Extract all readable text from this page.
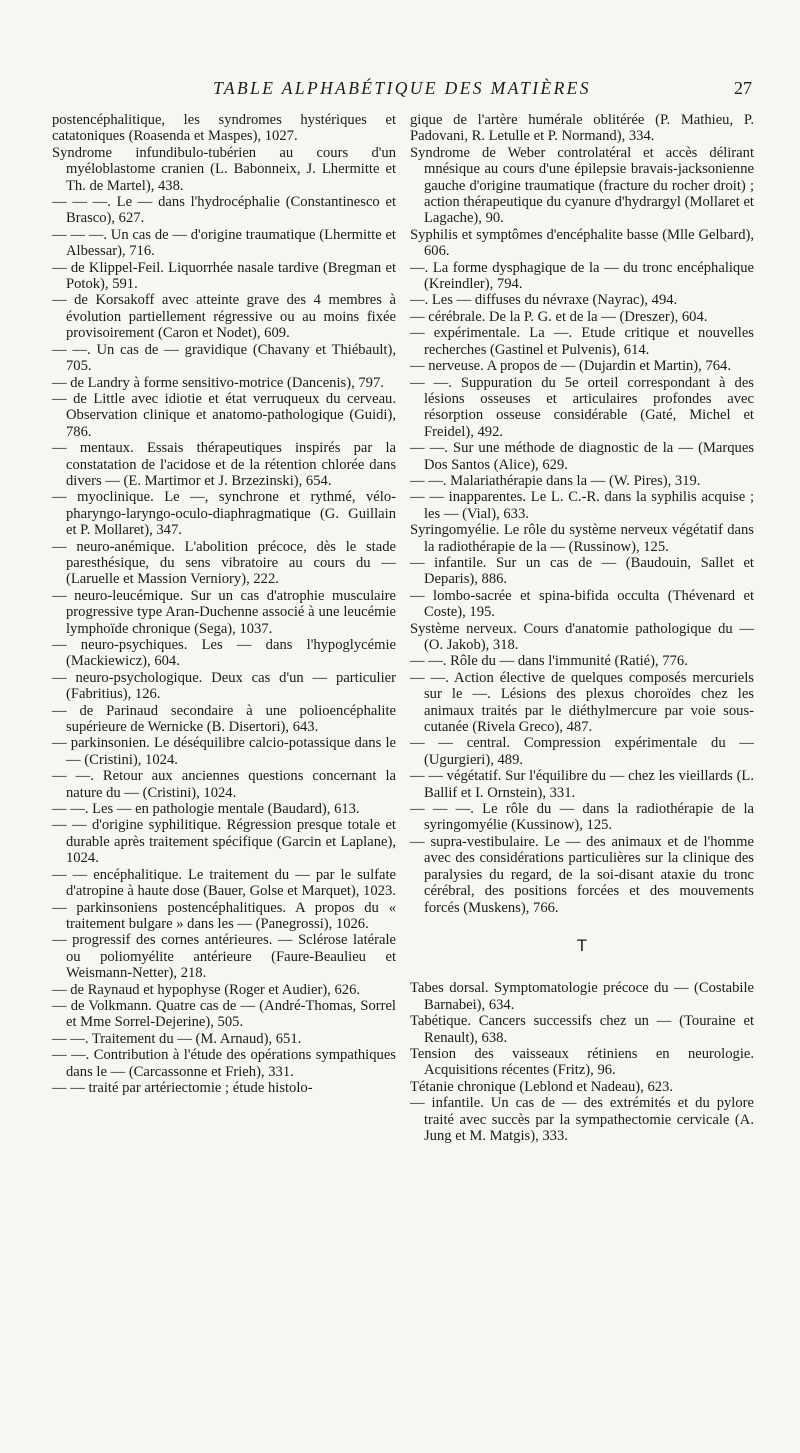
TABLE ALPHABÉTIQUE DES MATIÈRES	27

postencéphalitique, les syndromes hystériques et catatoniques (Roasenda et Maspes), 1027.

Syndrome infundibulo-tubérien au cours d'un myéloblastome cranien (L. Babonneix, J. Lhermitte et Th. de Martel), 438.

— — —. Le — dans l'hydrocéphalie (Constantinesco et Brasco), 627.

— — —. Un cas de — d'origine traumatique (Lhermitte et Albessar), 716.

— de Klippel-Feil. Liquorrhée nasale tardive (Bregman et Potok), 591.

— de Korsakoff avec atteinte grave des 4 membres à évolution partiellement régressive ou au moins fixée provisoirement (Caron et Nodet), 609.

— —. Un cas de — gravidique (Chavany et Thiébault), 705.

— de Landry à forme sensitivo-motrice (Dancenis), 797.

— de Little avec idiotie et état verruqueux du cerveau. Observation clinique et anatomo-pathologique (Guidi), 786.

— mentaux. Essais thérapeutiques inspirés par la constatation de l'acidose et de la rétention chlorée dans divers — (E. Martimor et J. Brzezinski), 654.

— myoclinique. Le —, synchrone et rythmé, vélo-pharyngo-laryngo-oculo-diaphragmatique (G. Guillain et P. Mollaret), 347.

— neuro-anémique. L'abolition précoce, dès le stade paresthésique, du sens vibratoire au cours du — (Laruelle et Massion Verniory), 222.

— neuro-leucémique. Sur un cas d'atrophie musculaire progressive type Aran-Duchenne associé à une leucémie lymphoïde chronique (Sega), 1037.

— neuro-psychiques. Les — dans l'hypoglycémie (Mackiewicz), 604.

— neuro-psychologique. Deux cas d'un — particulier (Fabritius), 126.

— de Parinaud secondaire à une polioencéphalite supérieure de Wernicke (B. Disertori), 643.

— parkinsonien. Le déséquilibre calcio-potassique dans le — (Cristini), 1024.

— —. Retour aux anciennes questions concernant la nature du — (Cristini), 1024.

— —. Les — en pathologie mentale (Baudard), 613.

— — d'origine syphilitique. Régression presque totale et durable après traitement spécifique (Garcin et Laplane), 1024.

— — encéphalitique. Le traitement du — par le sulfate d'atropine à haute dose (Bauer, Golse et Marquet), 1023.

— parkinsoniens postencéphalitiques. A propos du « traitement bulgare » dans les — (Panegrossi), 1026.

— progressif des cornes antérieures. — Sclérose latérale ou poliomyélite antérieure (Faure-Beaulieu et Weismann-Netter), 218.

— de Raynaud et hypophyse (Roger et Audier), 626.

— de Volkmann. Quatre cas de — (André-Thomas, Sorrel et Mme Sorrel-Dejerine), 505.

— —. Traitement du — (M. Arnaud), 651.

— —. Contribution à l'étude des opérations sympathiques dans le — (Carcassonne et Frieh), 331.

— — traité par artériectomie ; étude histolo-

gique de l'artère humérale oblitérée (P. Mathieu, P. Padovani, R. Letulle et P. Normand), 334.

Syndrome de Weber controlatéral et accès délirant mnésique au cours d'une épilepsie bravais-jacksonienne gauche d'origine traumatique (fracture du rocher droit) ; action thérapeutique du cyanure d'hydrargyl (Mollaret et Lagache), 90.

Syphilis et symptômes d'encéphalite basse (Mlle Gelbard), 606.

—. La forme dysphagique de la — du tronc encéphalique (Kreindler), 794.

—. Les — diffuses du névraxe (Nayrac), 494.

— cérébrale. De la P. G. et de la — (Dreszer), 604.

— expérimentale. La —. Etude critique et nouvelles recherches (Gastinel et Pulvenis), 614.

— nerveuse. A propos de — (Dujardin et Martin), 764.

— —. Suppuration du 5e orteil correspondant à des lésions osseuses et articulaires profondes avec résorption osseuse considérable (Gaté, Michel et Freidel), 492.

— —. Sur une méthode de diagnostic de la — (Marques Dos Santos (Alice), 629.

— —. Malariathérapie dans la — (W. Pires), 319.

— — inapparentes. Le L. C.-R. dans la syphilis acquise ; les — (Vial), 633.

Syringomyélie. Le rôle du système nerveux végétatif dans la radiothérapie de la — (Russinow), 125.

— infantile. Sur un cas de — (Baudouin, Sallet et Deparis), 886.

— lombo-sacrée et spina-bifida occulta (Thévenard et Coste), 195.

Système nerveux. Cours d'anatomie pathologique du — (O. Jakob), 318.

— —. Rôle du — dans l'immunité (Ratié), 776.

— —. Action élective de quelques composés mercuriels sur le —. Lésions des plexus choroïdes chez les animaux traités par le diéthylmercure par voie sous-cutanée (Rivela Greco), 487.

— — central. Compression expérimentale du — (Ugurgieri), 489.

— — végétatif. Sur l'équilibre du — chez les vieillards (L. Ballif et I. Ornstein), 331.

— — —. Le rôle du — dans la radiothérapie de la syringomyélie (Kussinow), 125.

— supra-vestibulaire. Le — des animaux et de l'homme avec des considérations particulières sur la clinique des paralysies du regard, de la soi-disant ataxie du tronc cérébral, des positions forcées et des mouvements forcés (Muskens), 766.

T

Tabes dorsal. Symptomatologie précoce du — (Costabile Barnabei), 634.

Tabétique. Cancers successifs chez un — (Touraine et Renault), 638.

Tension des vaisseaux rétiniens en neurologie. Acquisitions récentes (Fritz), 96.

Tétanie chronique (Leblond et Nadeau), 623.

— infantile. Un cas de — des extrémités et du pylore traité avec succès par la sympathectomie cervicale (A. Jung et M. Matgis), 333.
